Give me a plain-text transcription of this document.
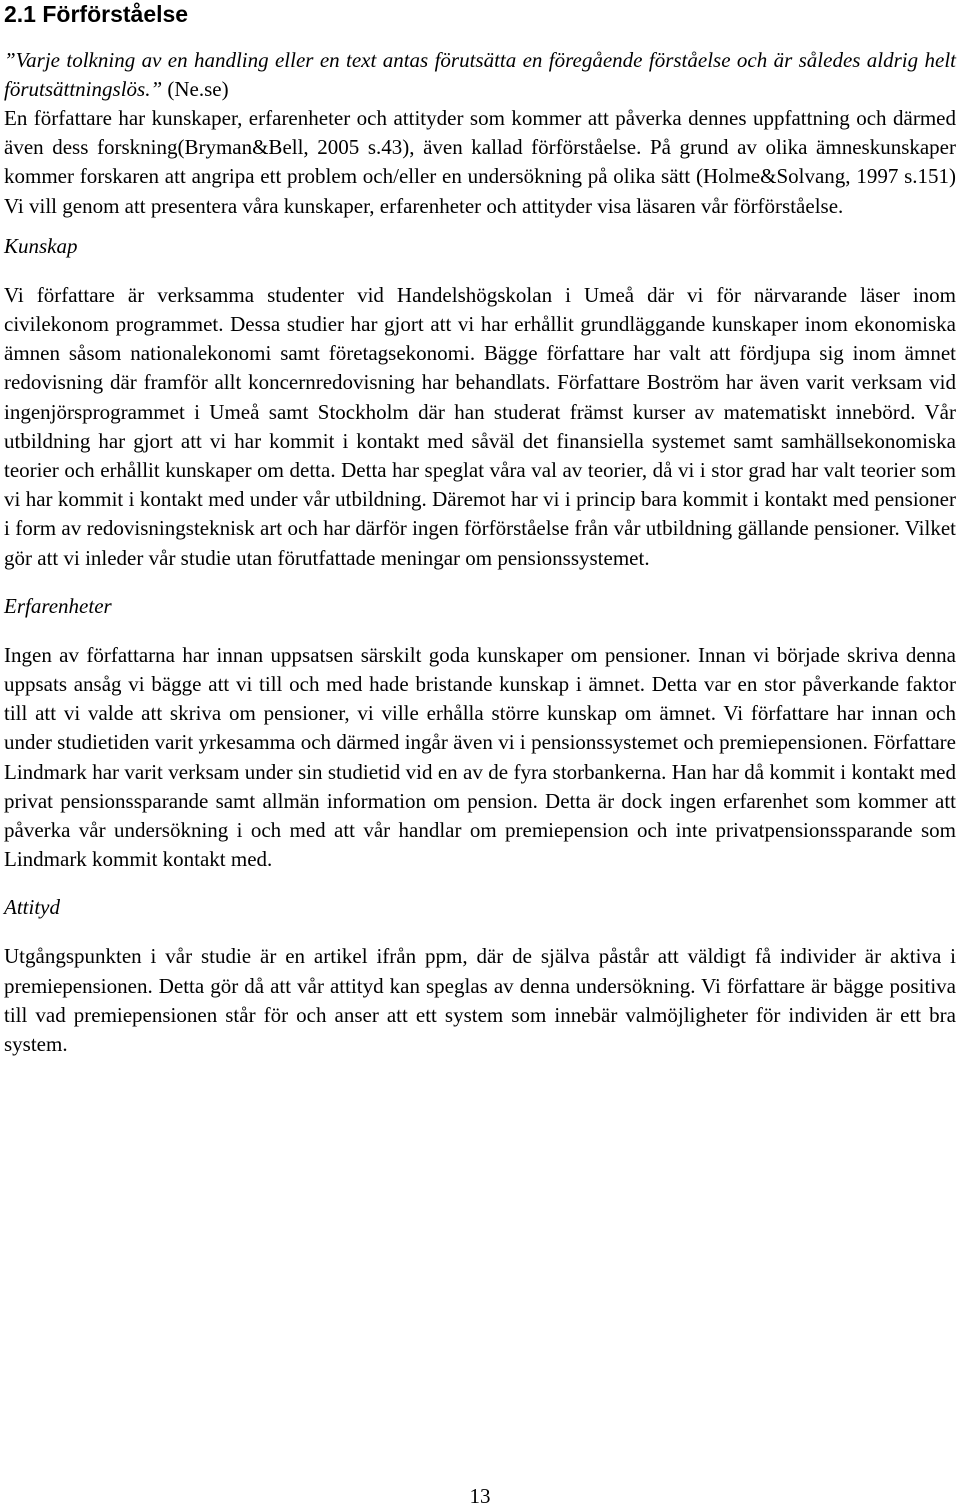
2.1 Förförståelse

”Varje tolkning av en handling eller en text antas förutsätta en föregående förståelse och är således aldrig helt förutsättningslös.” (Ne.se)

En författare har kunskaper, erfarenheter och attityder som kommer att påverka dennes uppfattning och därmed även dess forskning(Bryman&Bell, 2005 s.43), även kallad förförståelse. På grund av olika ämneskunskaper kommer forskaren att angripa ett problem och/eller en undersökning på olika sätt (Holme&Solvang, 1997 s.151) Vi vill genom att presentera våra kunskaper, erfarenheter och attityder visa läsaren vår förförståelse.

Kunskap

Vi författare är verksamma studenter vid Handelshögskolan i Umeå där vi för närvarande läser inom civilekonom programmet. Dessa studier har gjort att vi har erhållit grundläggande kunskaper inom ekonomiska ämnen såsom nationalekonomi samt företagsekonomi. Bägge författare har valt att fördjupa sig inom ämnet redovisning där framför allt koncernredovisning har behandlats. Författare Boström har även varit verksam vid ingenjörsprogrammet i Umeå samt Stockholm där han studerat främst kurser av matematiskt innebörd. Vår utbildning har gjort att vi har kommit i kontakt med såväl det finansiella systemet samt samhällsekonomiska teorier och erhållit kunskaper om detta. Detta har speglat våra val av teorier, då vi i stor grad har valt teorier som vi har kommit i kontakt med under vår utbildning. Däremot har vi i princip bara kommit i kontakt med pensioner i form av redovisningsteknisk art och har därför ingen förförståelse från vår utbildning gällande pensioner. Vilket gör att vi inleder vår studie utan förutfattade meningar om pensionssystemet.

Erfarenheter

Ingen av författarna har innan uppsatsen särskilt goda kunskaper om pensioner. Innan vi började skriva denna uppsats ansåg vi bägge att vi till och med hade bristande kunskap i ämnet. Detta var en stor påverkande faktor till att vi valde att skriva om pensioner, vi ville erhålla större kunskap om ämnet. Vi författare har innan och under studietiden varit yrkesamma och därmed ingår även vi i pensionssystemet och premiepensionen. Författare Lindmark har varit verksam under sin studietid vid en av de fyra storbankerna. Han har då kommit i kontakt med privat pensionssparande samt allmän information om pension. Detta är dock ingen erfarenhet som kommer att påverka vår undersökning i och med att vår handlar om premiepension och inte privatpensionssparande som Lindmark kommit kontakt med.

Attityd

Utgångspunkten i vår studie är en artikel ifrån ppm, där de själva påstår att väldigt få individer är aktiva i premiepensionen. Detta gör då att vår attityd kan speglas av denna undersökning. Vi författare är bägge positiva till vad premiepensionen står för och anser att ett system som innebär valmöjligheter för individen är ett bra system.

13
